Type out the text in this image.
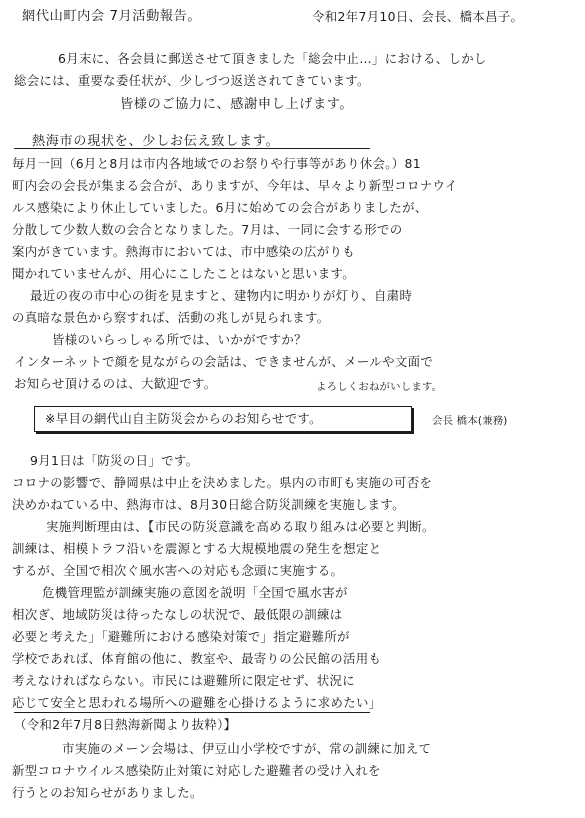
網代山町内会 7月活動報告。	令和2年7月10日、会長、橋本昌子。
6月末に、各会員に郵送させて頂きました「総会中止…」における、しかし
総会には、重要な委任状が、少しづつ返送されてきています。
皆様のご協力に、感謝申し上げます。
熱海市の現状を、少しお伝え致します。
毎月一回（6月と8月は市内各地域でのお祭りや行事等があり休会。）81
町内会の会長が集まる会合が、ありますが、今年は、早々より新型コロナウイ
ルス感染により休止していました。6月に始めての会合がありましたが、
分散して少数人数の会合となりました。7月は、一同に会する形での
案内がきています。熱海市においては、市中感染の広がりも
聞かれていませんが、用心にこしたことはないと思います。
最近の夜の市中心の街を見ますと、建物内に明かりが灯り、自粛時
の真暗な景色から察すれば、活動の兆しが見られます。
皆様のいらっしゃる所では、いかがですか？
インターネットで顔を見ながらの会話は、できませんが、メールや文面で
お知らせ頂けるのは、大歓迎です。	よろしくおねがいします。
※早目の網代山自主防災会からのお知らせです。	会長 橋本(兼務)
9月1日は「防災の日」です。
コロナの影響で、静岡県は中止を決めました。県内の市町も実施の可否を
決めかねている中、熱海市は、8月30日総合防災訓練を実施します。
実施判断理由は、【市民の防災意識を高める取り組みは必要と判断。
訓練は、相模トラフ沿いを震源とする大規模地震の発生を想定と
するが、全国で相次ぐ風水害への対応も念頭に実施する。
危機管理監が訓練実施の意図を説明「全国で風水害が
相次ぎ、地域防災は待ったなしの状況で、最低限の訓練は
必要と考えた」「避難所における感染対策で」指定避難所が
学校であれば、体育館の他に、教室や、最寄りの公民館の活用も
考えなければならない。市民には避難所に限定せず、状況に
応じて安全と思われる場所への避難を心掛けるように求めたい」
（令和2年7月8日熱海新聞より抜粋）】
市実施のメーン会場は、伊豆山小学校ですが、常の訓練に加えて
新型コロナウイルス感染防止対策に対応した避難者の受け入れを
行うとのお知らせがありました。
